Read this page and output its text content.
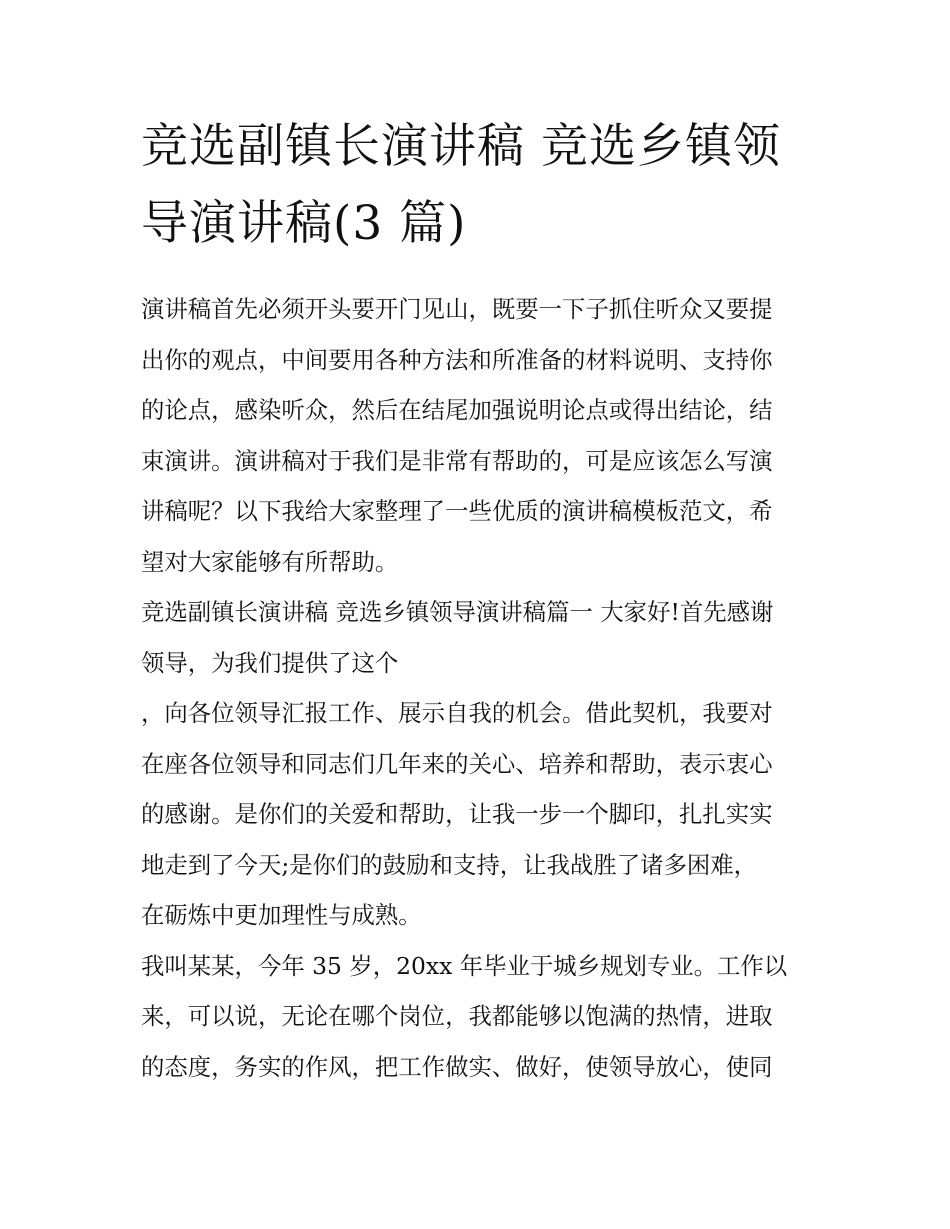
竞选副镇长演讲稿 竞选乡镇领
导演讲稿(3 篇)

演讲稿首先必须开头要开门见山，既要一下子抓住听众又要提
出你的观点，中间要用各种方法和所准备的材料说明、支持你
的论点，感染听众，然后在结尾加强说明论点或得出结论，结
束演讲。演讲稿对于我们是非常有帮助的，可是应该怎么写演
讲稿呢？以下我给大家整理了一些优质的演讲稿模板范文，希
望对大家能够有所帮助。

竞选副镇长演讲稿 竞选乡镇领导演讲稿篇一 大家好!首先感谢
领导，为我们提供了这个

，向各位领导汇报工作、展示自我的机会。借此契机，我要对
在座各位领导和同志们几年来的关心、培养和帮助，表示衷心
的感谢。是你们的关爱和帮助，让我一步一个脚印，扎扎实实
地走到了今天;是你们的鼓励和支持，让我战胜了诸多困难，
在砺炼中更加理性与成熟。

我叫某某，今年 35 岁，20xx 年毕业于城乡规划专业。工作以
来，可以说，无论在哪个岗位，我都能够以饱满的热情，进取
的态度，务实的作风，把工作做实、做好，使领导放心，使同
